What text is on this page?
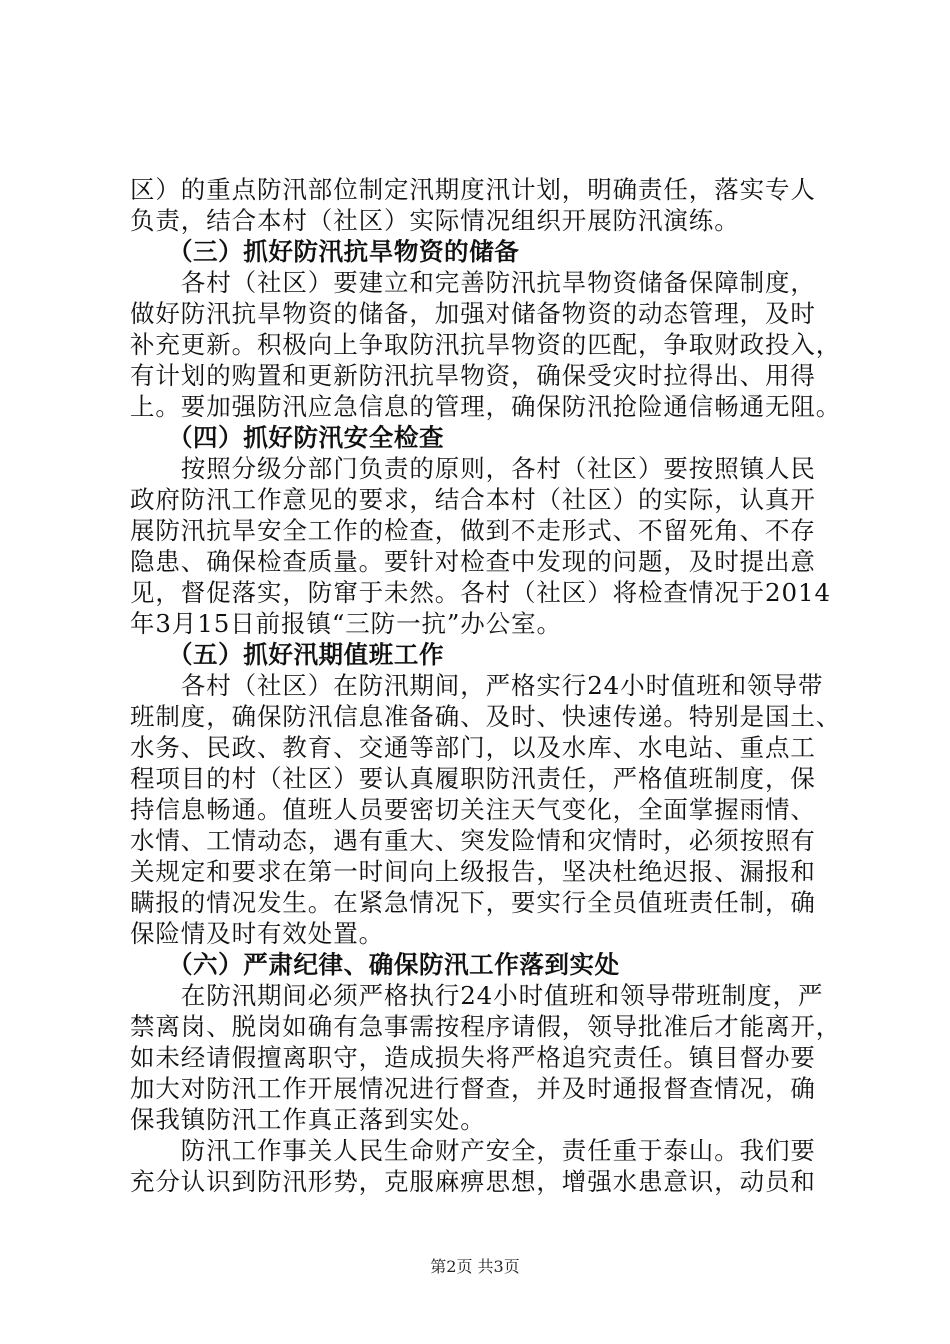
区）的重点防汛部位制定汛期度汛计划，明确责任，落实专人
负责，结合本村（社区）实际情况组织开展防汛演练。
　　（三）抓好防汛抗旱物资的储备
　　各村（社区）要建立和完善防汛抗旱物资储备保障制度，
做好防汛抗旱物资的储备，加强对储备物资的动态管理，及时
补充更新。积极向上争取防汛抗旱物资的匹配，争取财政投入，
有计划的购置和更新防汛抗旱物资，确保受灾时拉得出、用得
上。要加强防汛应急信息的管理，确保防汛抢险通信畅通无阻。
　　（四）抓好防汛安全检查
　　按照分级分部门负责的原则，各村（社区）要按照镇人民
政府防汛工作意见的要求，结合本村（社区）的实际，认真开
展防汛抗旱安全工作的检查，做到不走形式、不留死角、不存
隐患、确保检查质量。要针对检查中发现的问题，及时提出意
见，督促落实，防窜于未然。各村（社区）将检查情况于2014
年3月15日前报镇“三防一抗”办公室。
　　（五）抓好汛期值班工作
　　各村（社区）在防汛期间，严格实行24小时值班和领导带
班制度，确保防汛信息准备确、及时、快速传递。特别是国土、
水务、民政、教育、交通等部门，以及水库、水电站、重点工
程项目的村（社区）要认真履职防汛责任，严格值班制度，保
持信息畅通。值班人员要密切关注天气变化，全面掌握雨情、
水情、工情动态，遇有重大、突发险情和灾情时，必须按照有
关规定和要求在第一时间向上级报告，坚决杜绝迟报、漏报和
瞒报的情况发生。在紧急情况下，要实行全员值班责任制，确
保险情及时有效处置。
　　（六）严肃纪律、确保防汛工作落到实处
　　在防汛期间必须严格执行24小时值班和领导带班制度，严
禁离岗、脱岗如确有急事需按程序请假，领导批准后才能离开，
如未经请假擅离职守，造成损失将严格追究责任。镇目督办要
加大对防汛工作开展情况进行督查，并及时通报督查情况，确
保我镇防汛工作真正落到实处。
　　防汛工作事关人民生命财产安全，责任重于泰山。我们要
充分认识到防汛形势，克服麻痹思想，增强水患意识，动员和
第2页 共3页
